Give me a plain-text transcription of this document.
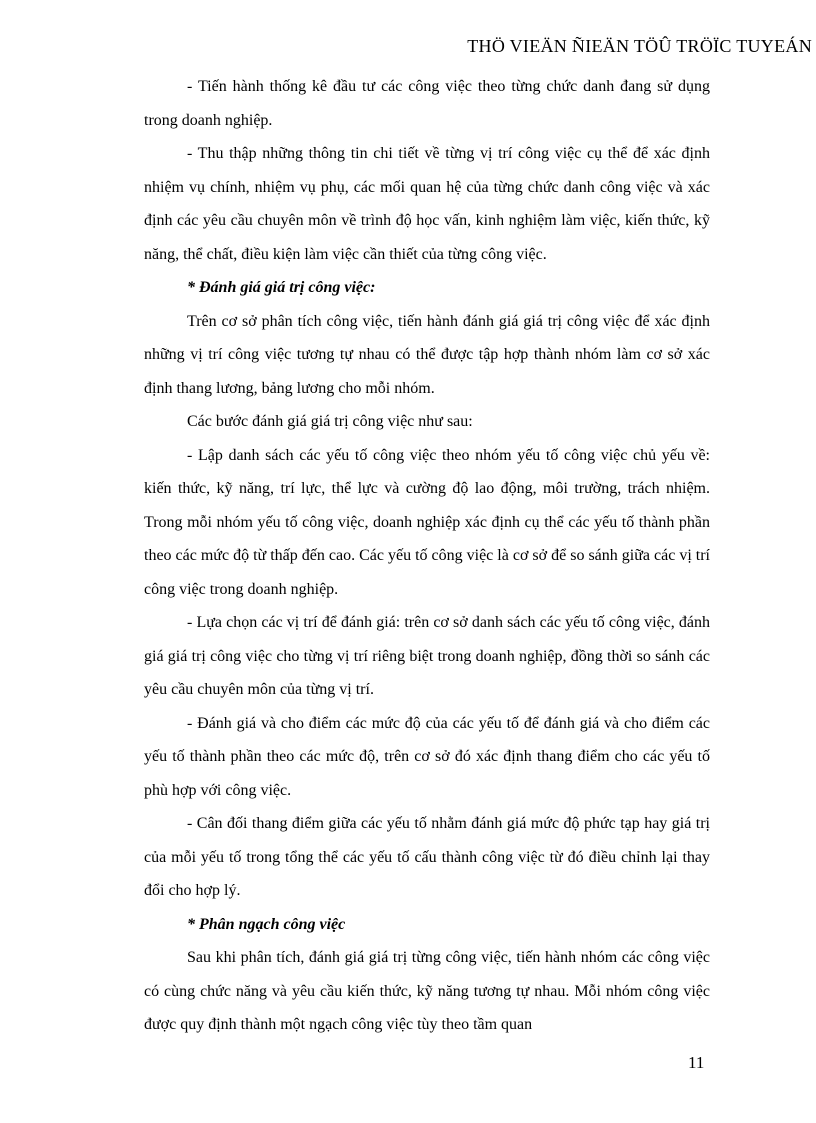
THÖ VIEÄN ÑIEÄN TÖÛ TRÖÏC TUYEÁN

- Tiến hành thống kê đầu tư các công việc theo từng chức danh đang sử dụng trong doanh nghiệp.

- Thu thập những thông tin chi tiết về từng vị trí công việc cụ thể để xác định nhiệm vụ chính, nhiệm vụ phụ, các mối quan hệ của từng chức danh công việc và xác định các yêu cầu chuyên môn về trình độ học vấn, kinh nghiệm làm việc, kiến thức, kỹ năng, thể chất, điều kiện làm việc cần thiết của từng công việc.

* Đánh giá giá trị công việc:

Trên cơ sở phân tích công việc, tiến hành đánh giá giá trị công việc để xác định những vị trí công việc tương tự nhau có thể được tập hợp thành nhóm làm cơ sở xác định thang lương, bảng lương cho mỗi nhóm.

Các bước đánh giá giá trị công việc như sau:

- Lập danh sách các yếu tố công việc theo nhóm yếu tố công việc chủ yếu về: kiến thức, kỹ năng, trí lực, thể lực và cường độ lao động, môi trường, trách nhiệm. Trong mỗi nhóm yếu tố công việc, doanh nghiệp xác định cụ thể các yếu tố thành phần theo các mức độ từ thấp đến cao. Các yếu tố công việc là cơ sở để so sánh giữa các vị trí công việc trong doanh nghiệp.

- Lựa chọn các vị trí để đánh giá: trên cơ sở danh sách các yếu tố công việc, đánh giá giá trị công việc cho từng vị trí riêng biệt trong doanh nghiệp, đồng thời so sánh các yêu cầu chuyên môn của từng vị trí.

- Đánh giá và cho điểm các mức độ của các yếu tố để đánh giá và cho điểm các yếu tố thành phần theo các mức độ, trên cơ sở đó xác định thang điểm cho các yếu tố phù hợp với công việc.

- Cân đối thang điểm giữa các yếu tố nhằm đánh giá mức độ phức tạp hay giá trị của mỗi yếu tố trong tổng thể các yếu tố cấu thành công việc từ đó điều chỉnh lại thay đổi cho hợp lý.

* Phân ngạch công việc

Sau khi phân tích, đánh giá giá trị từng công việc, tiến hành nhóm các công việc có cùng chức năng và yêu cầu kiến thức, kỹ năng tương tự nhau. Mỗi nhóm công việc được quy định thành một ngạch công việc tùy theo tầm quan

11
